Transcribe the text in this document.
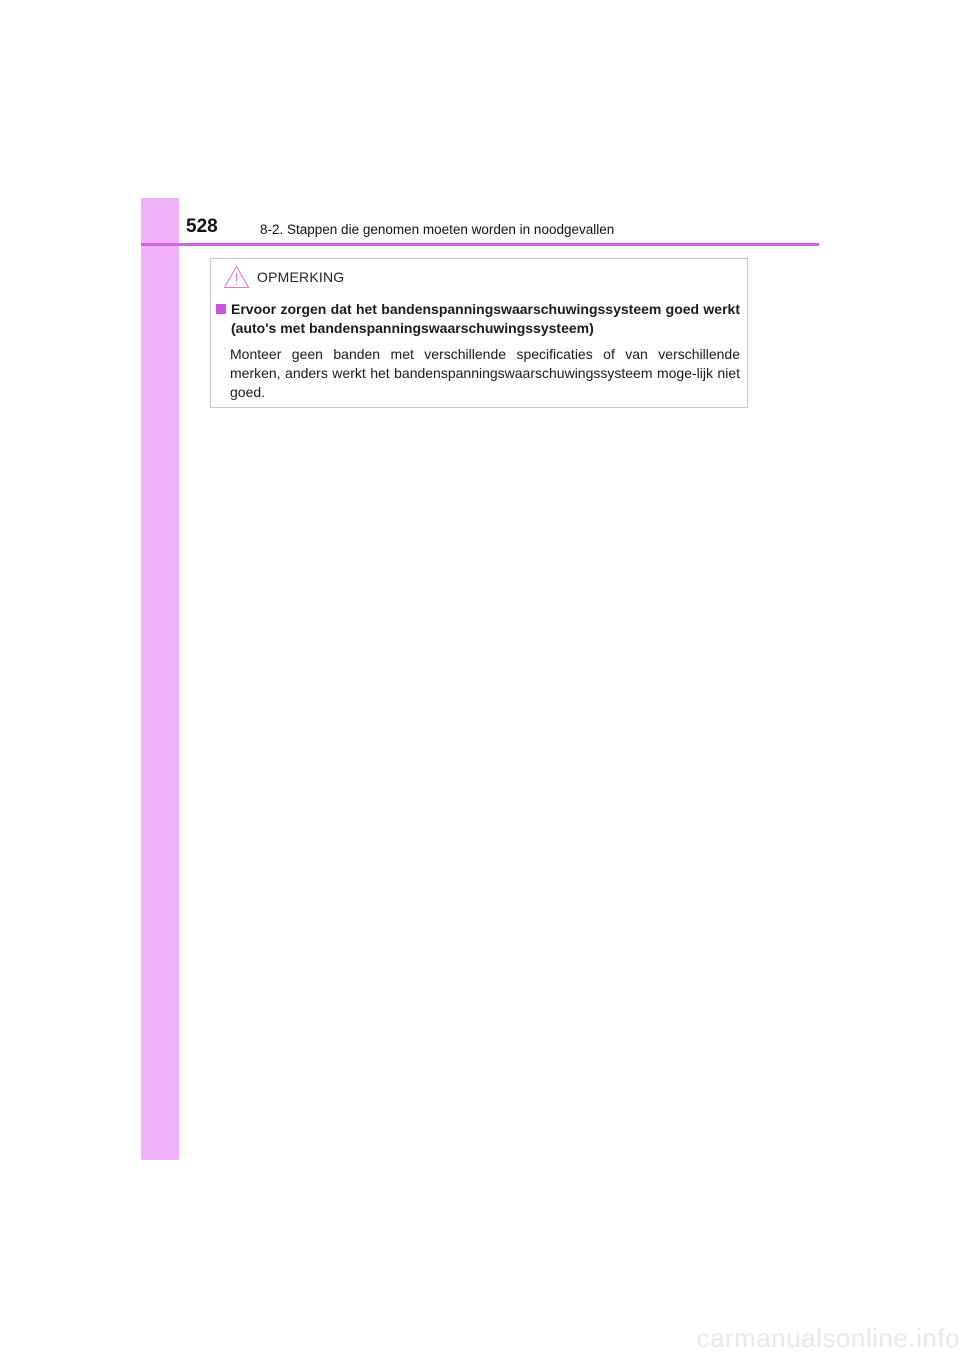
528	8-2. Stappen die genomen moeten worden in noodgevallen
OPMERKING
Ervoor zorgen dat het bandenspanningswaarschuwingssysteem goed werkt (auto's met bandenspanningswaarschuwingssysteem)
Monteer geen banden met verschillende specificaties of van verschillende merken, anders werkt het bandenspanningswaarschuwingssysteem moge-lijk niet goed.
carmanualsonline.info
